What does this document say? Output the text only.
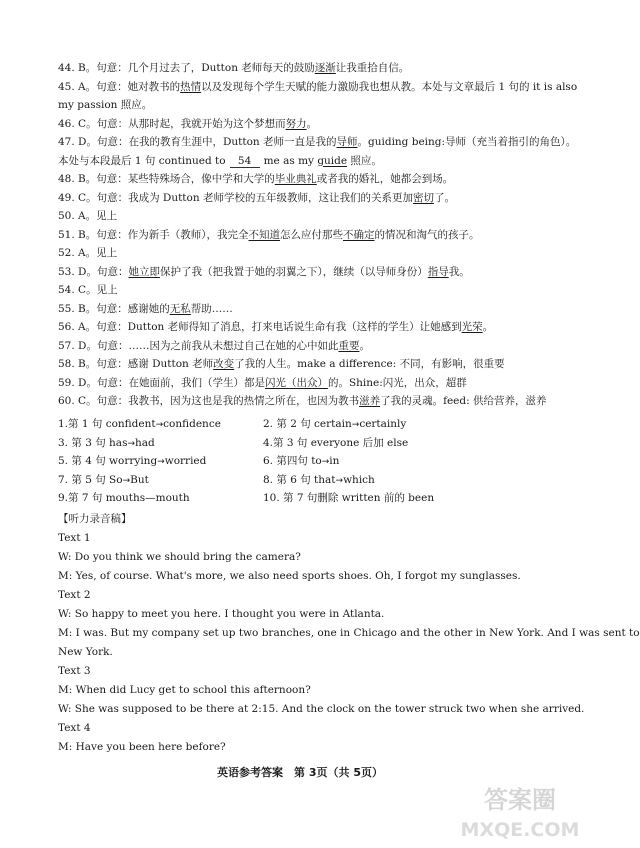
44. B。句意：几个月过去了，Dutton 老师每天的鼓励逐渐让我重拾自信。
45. A。句意：她对教书的热情以及发现每个学生天赋的能力激励我也想从教。本处与文章最后 1 句的 it is also
my passion 照应。
46. C。句意：从那时起，我就开始为这个梦想而努力。
47. D。句意：在我的教育生涯中，Dutton 老师一直是我的导师。guiding being:导师（充当着指引的角色）。
本处与本段最后 1 句 continued to 54 me as my guide 照应。
48. B。句意：某些特殊场合，像中学和大学的毕业典礼或者我的婚礼，她都会到场。
49. C。句意：我成为 Dutton 老师学校的五年级教师，这让我们的关系更加密切了。
50. A。见上
51. B。句意：作为新手（教师），我完全不知道怎么应付那些不确定的情况和淘气的孩子。
52. A。见上
53. D。句意：她立即保护了我（把我置于她的羽翼之下），继续（以导师身份）指导我。
54. C。见上
55. B。句意：感谢她的无私帮助……
56. A。句意：Dutton 老师得知了消息，打来电话说生命有我（这样的学生）让她感到光荣。
57. D。句意：……因为之前我从未想过自己在她的心中如此重要。
58. B。句意：感谢 Dutton 老师改变了我的人生。make a difference: 不同，有影响，很重要
59. D。句意：在她面前，我们（学生）都是闪光（出众）的。Shine:闪光，出众，超群
60. C。句意：我教书，因为这也是我的热情之所在，也因为教书滋养了我的灵魂。feed: 供给营养，滋养
1.第 1 句 confident→confidence	2. 第 2 句 certain→certainly
3. 第 3 句 has→had	4.第 3 句 everyone 后加 else
5. 第 4 句 worrying→worried	6. 第四句 to→in
7. 第 5 句 So→But	8. 第 6 句 that→which
9.第 7 句 mouths—mouth	10. 第 7 句删除 written 前的 been
【听力录音稿】
Text 1
W: Do you think we should bring the camera?
M: Yes, of course. What's more, we also need sports shoes. Oh, I forgot my sunglasses.
Text 2
W: So happy to meet you here. I thought you were in Atlanta.
M: I was. But my company set up two branches, one in Chicago and the other in New York. And I was sent to
New York.
Text 3
M: When did Lucy get to school this afternoon?
W: She was supposed to be there at 2:15. And the clock on the tower struck two when she arrived.
Text 4
M: Have you been here before?
英语参考答案　第 3页（共 5页）
答案圈
MXQE.COM
